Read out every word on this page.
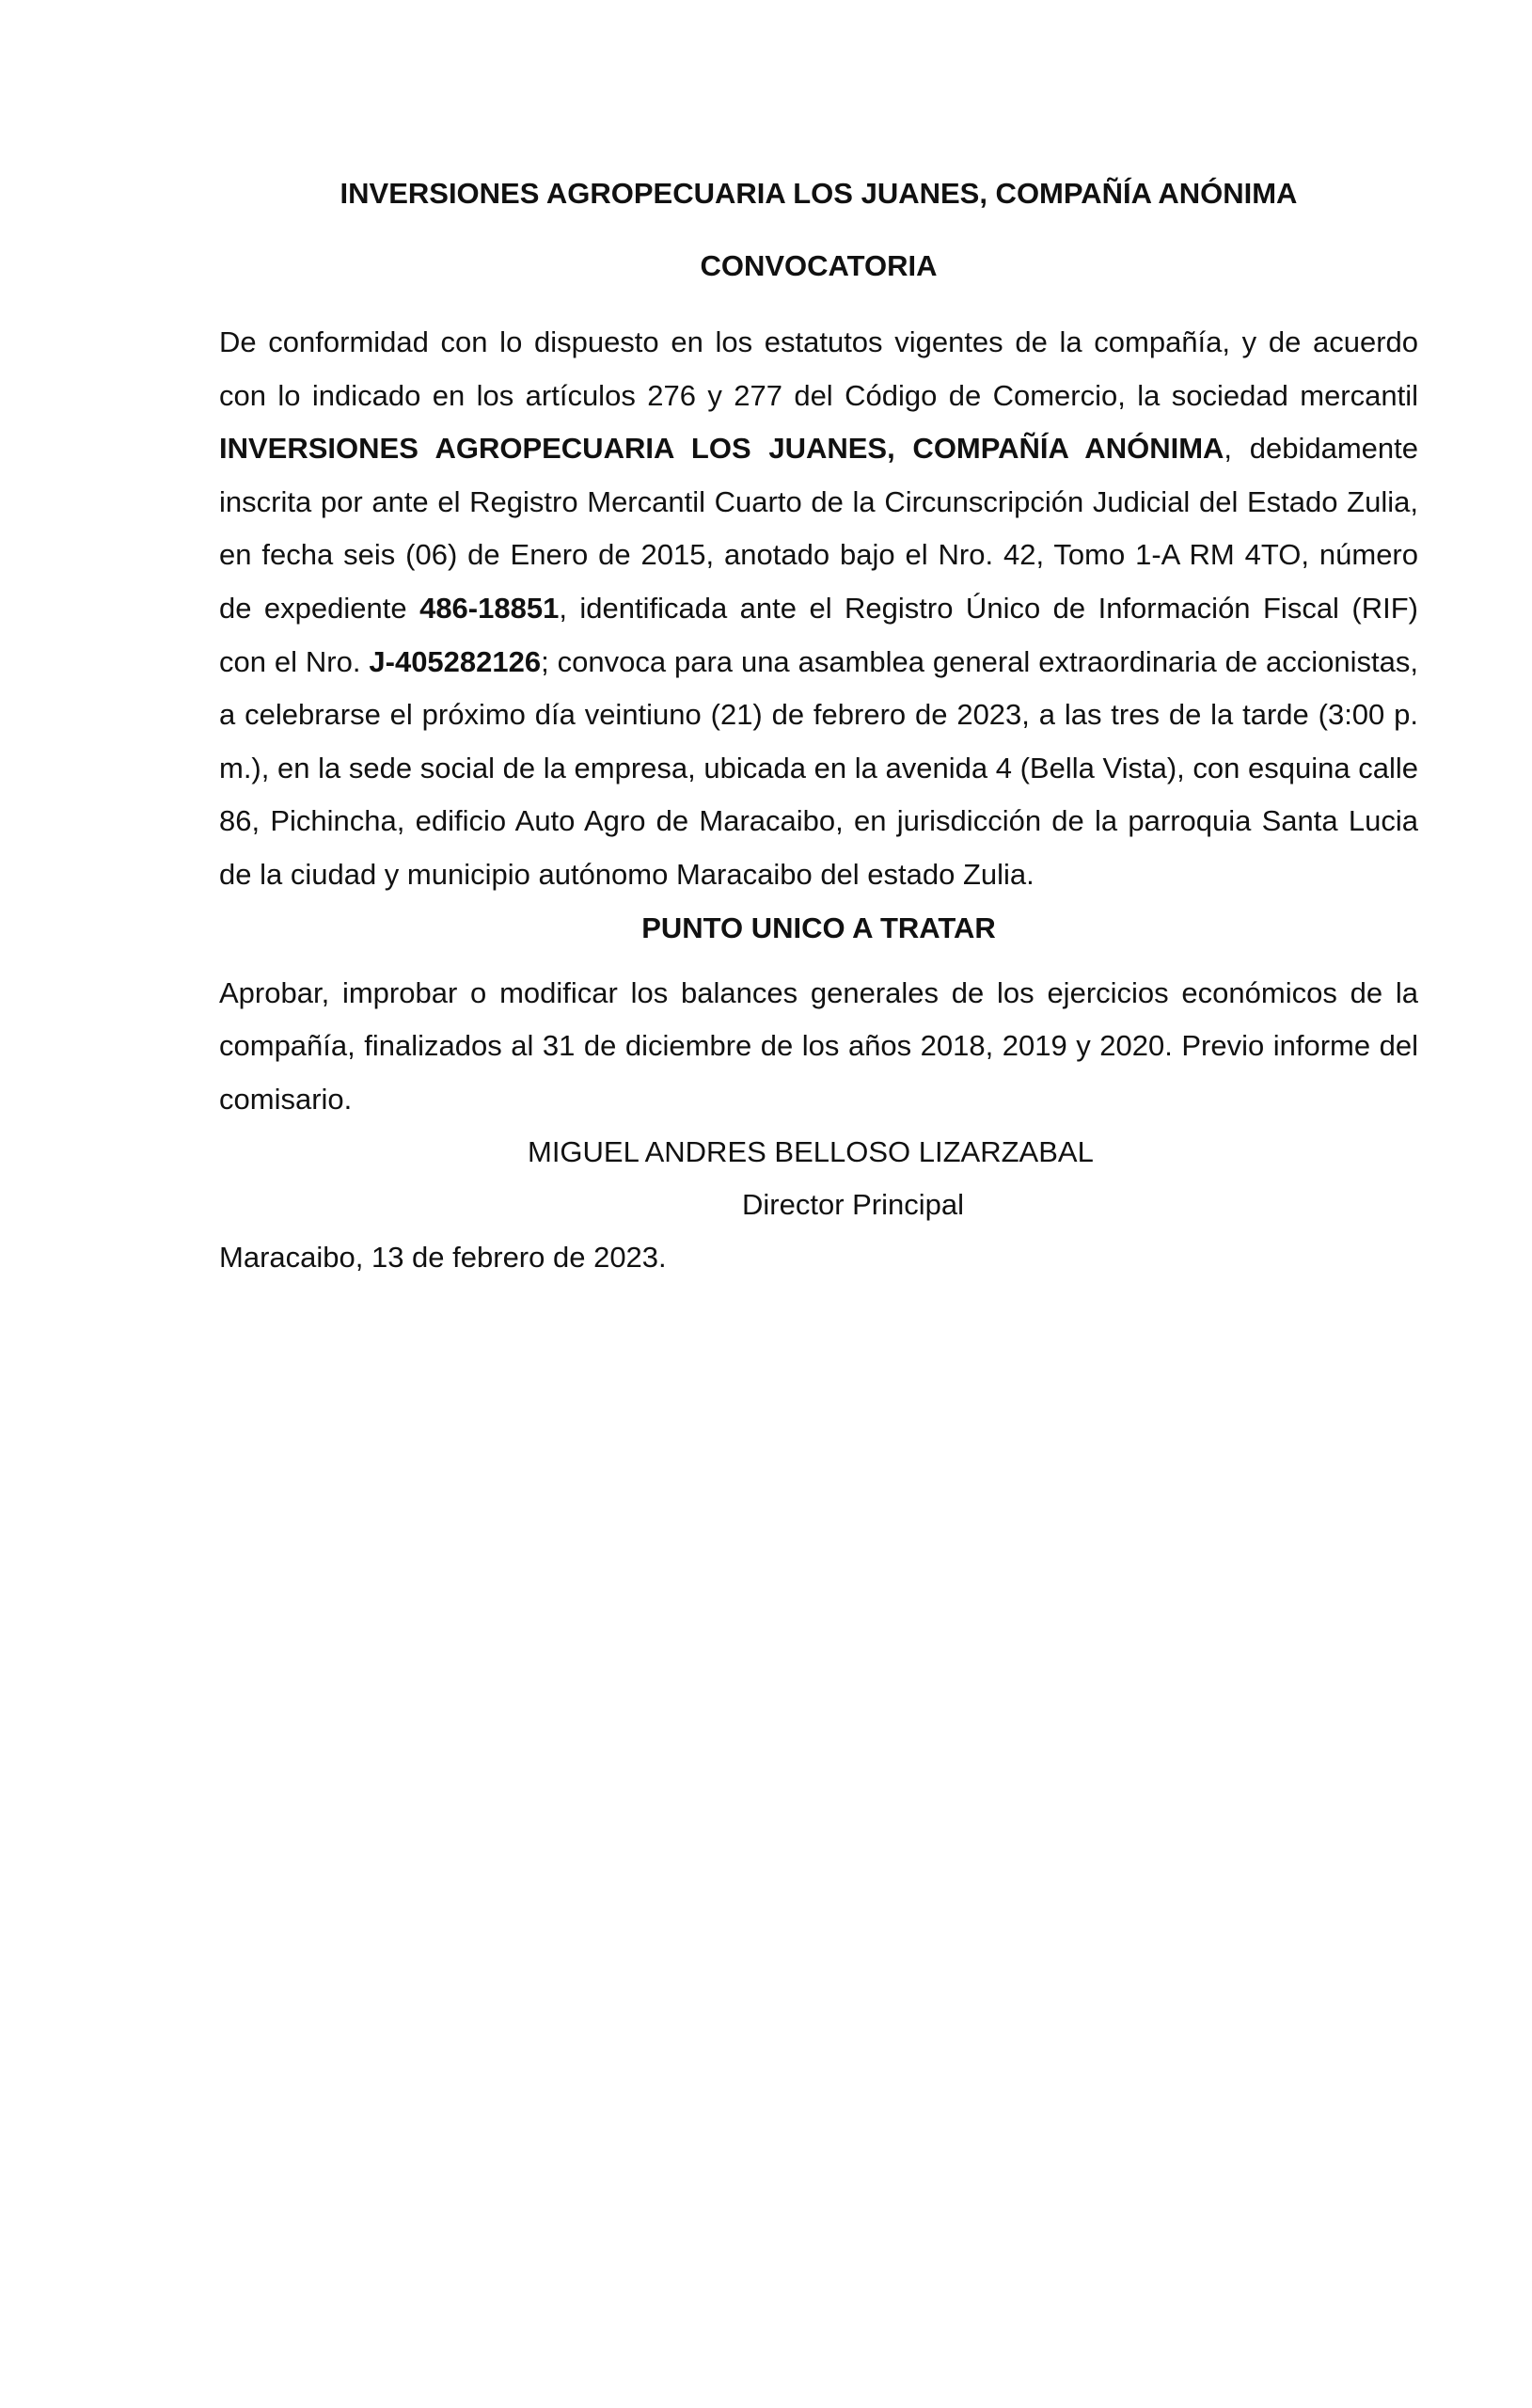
INVERSIONES AGROPECUARIA LOS JUANES, COMPAÑÍA ANÓNIMA

CONVOCATORIA

De conformidad con lo dispuesto en los estatutos vigentes de la compañía, y de acuerdo con lo indicado en los artículos 276 y 277 del Código de Comercio, la sociedad mercantil INVERSIONES AGROPECUARIA LOS JUANES, COMPAÑÍA ANÓNIMA, debidamente inscrita por ante el Registro Mercantil Cuarto de la Circunscripción Judicial del Estado Zulia, en fecha seis (06) de Enero de 2015, anotado bajo el Nro. 42, Tomo 1-A RM 4TO, número de expediente 486-18851, identificada ante el Registro Único de Información Fiscal (RIF) con el Nro. J-405282126; convoca para una asamblea general extraordinaria de accionistas, a celebrarse el próximo día veintiuno (21) de febrero de 2023, a las tres de la tarde (3:00 p. m.), en la sede social de la empresa, ubicada en la avenida 4 (Bella Vista), con esquina calle 86, Pichincha, edificio Auto Agro de Maracaibo, en jurisdicción de la parroquia Santa Lucia de la ciudad y municipio autónomo Maracaibo del estado Zulia.

PUNTO UNICO A TRATAR

Aprobar, improbar o modificar los balances generales de los ejercicios económicos de la compañía, finalizados al 31 de diciembre de los años 2018, 2019 y 2020. Previo informe del comisario.

MIGUEL ANDRES BELLOSO LIZARZABAL

Director Principal

Maracaibo, 13 de febrero de 2023.
